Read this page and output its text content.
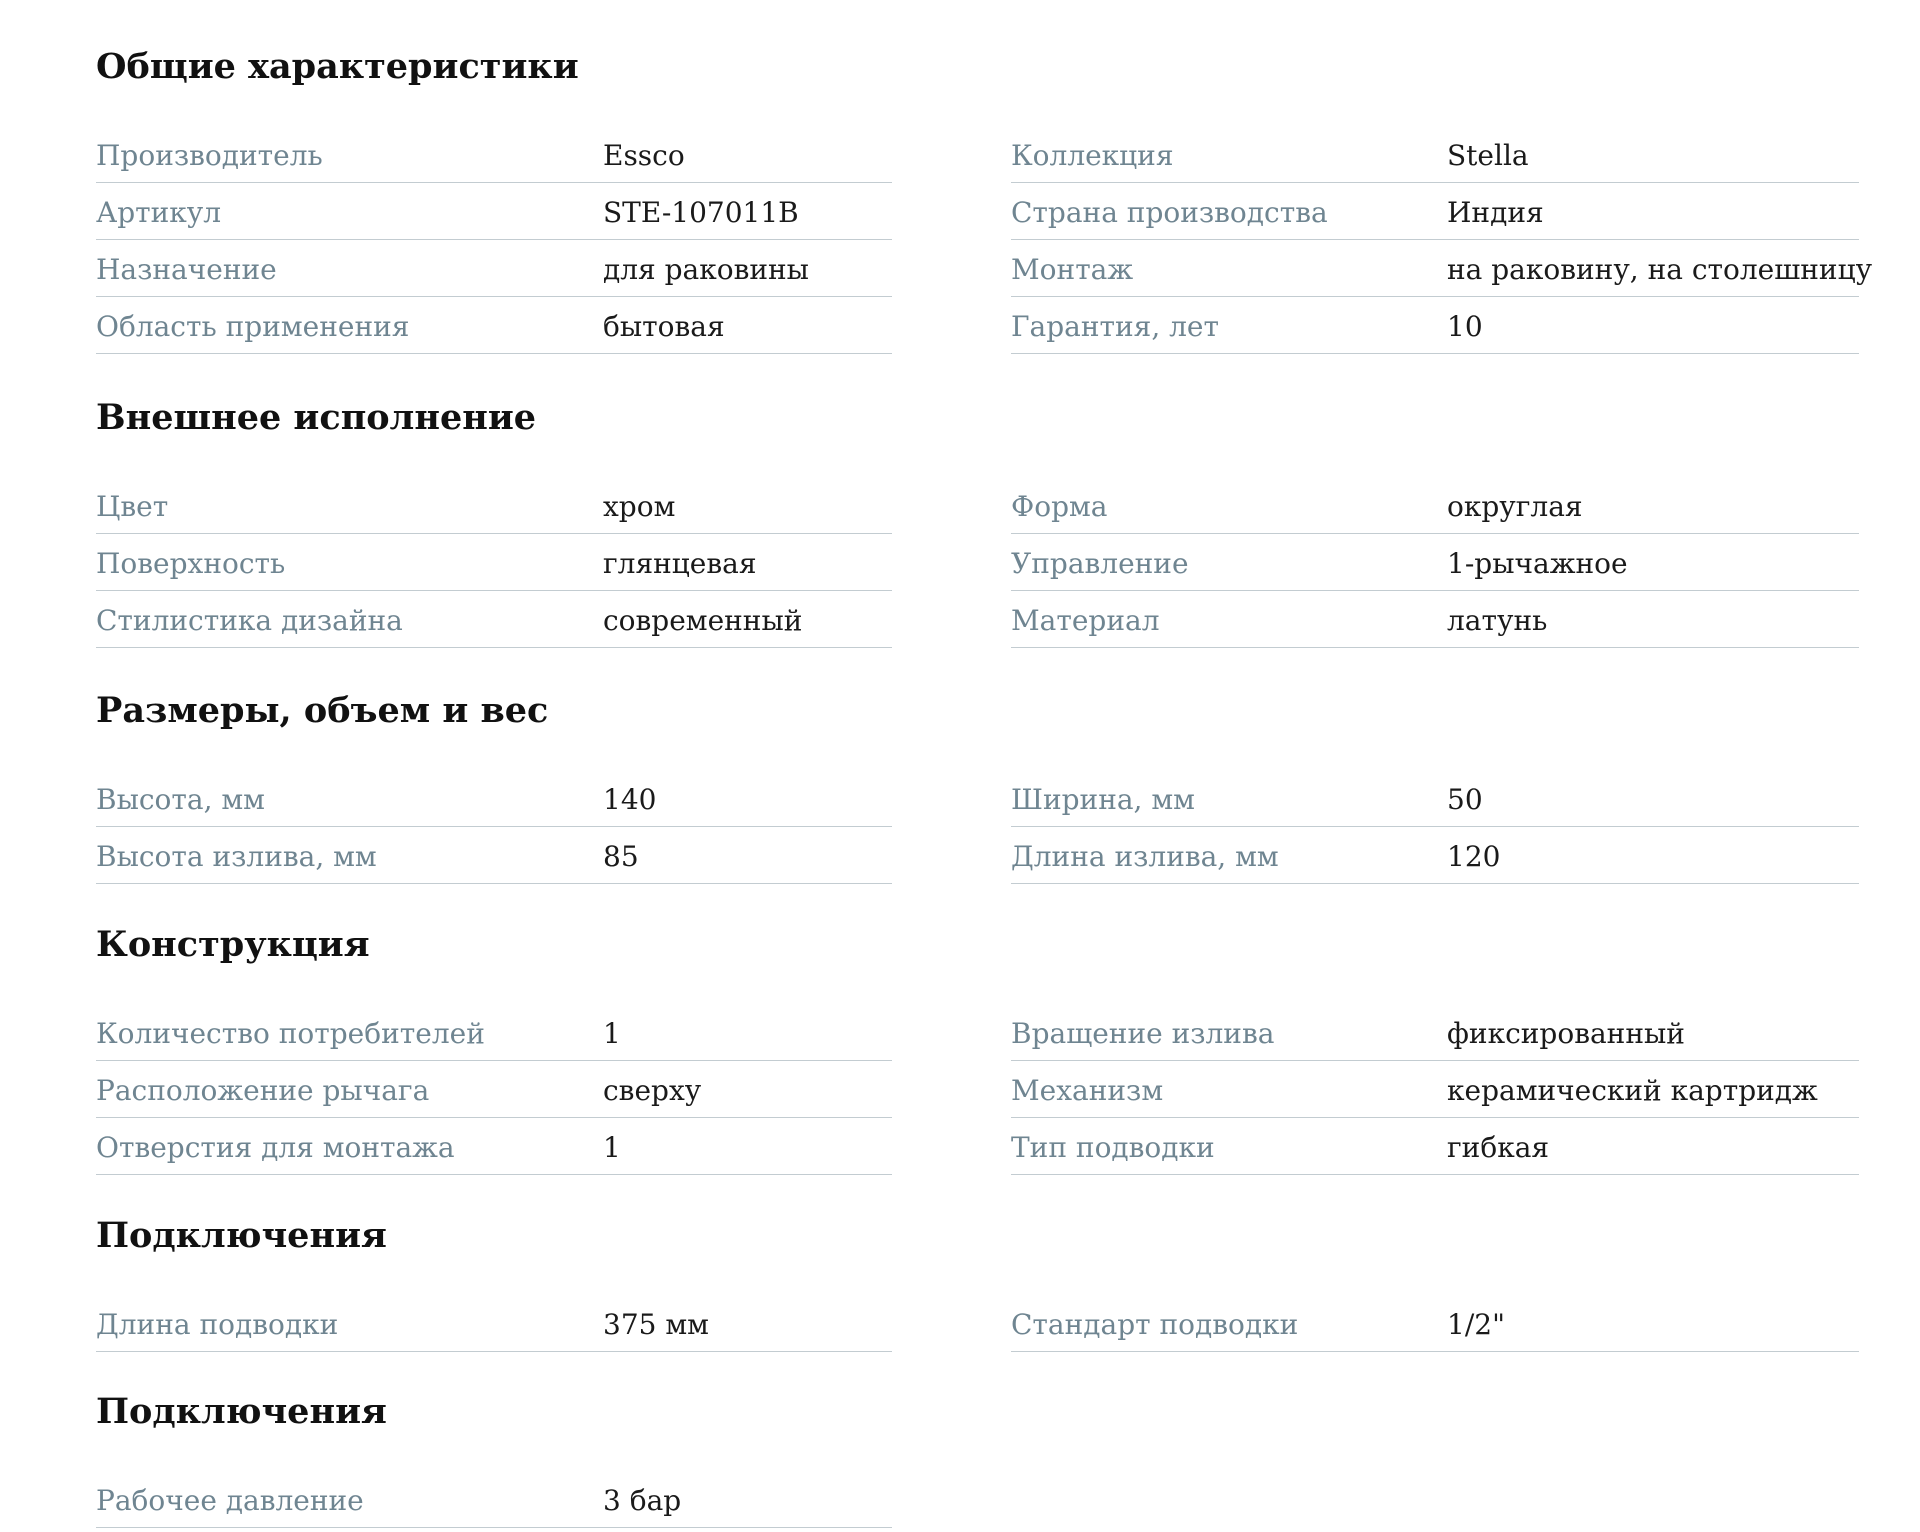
Общие характеристики
Производитель	Essco
Артикул	STE-107011B
Назначение	для раковины
Область применения	бытовая
Коллекция	Stella
Страна производства	Индия
Монтаж	на раковину, на столешницу
Гарантия, лет	10
Внешнее исполнение
Цвет	хром
Поверхность	глянцевая
Стилистика дизайна	современный
Форма	округлая
Управление	1-рычажное
Материал	латунь
Размеры, объем и вес
Высота, мм	140
Высота излива, мм	85
Ширина, мм	50
Длина излива, мм	120
Конструкция
Количество потребителей	1
Расположение рычага	сверху
Отверстия для монтажа	1
Вращение излива	фиксированный
Механизм	керамический картридж
Тип подводки	гибкая
Подключения
Длина подводки	375 мм	Стандарт подводки	1/2"
Подключения
Рабочее давление	3 бар
